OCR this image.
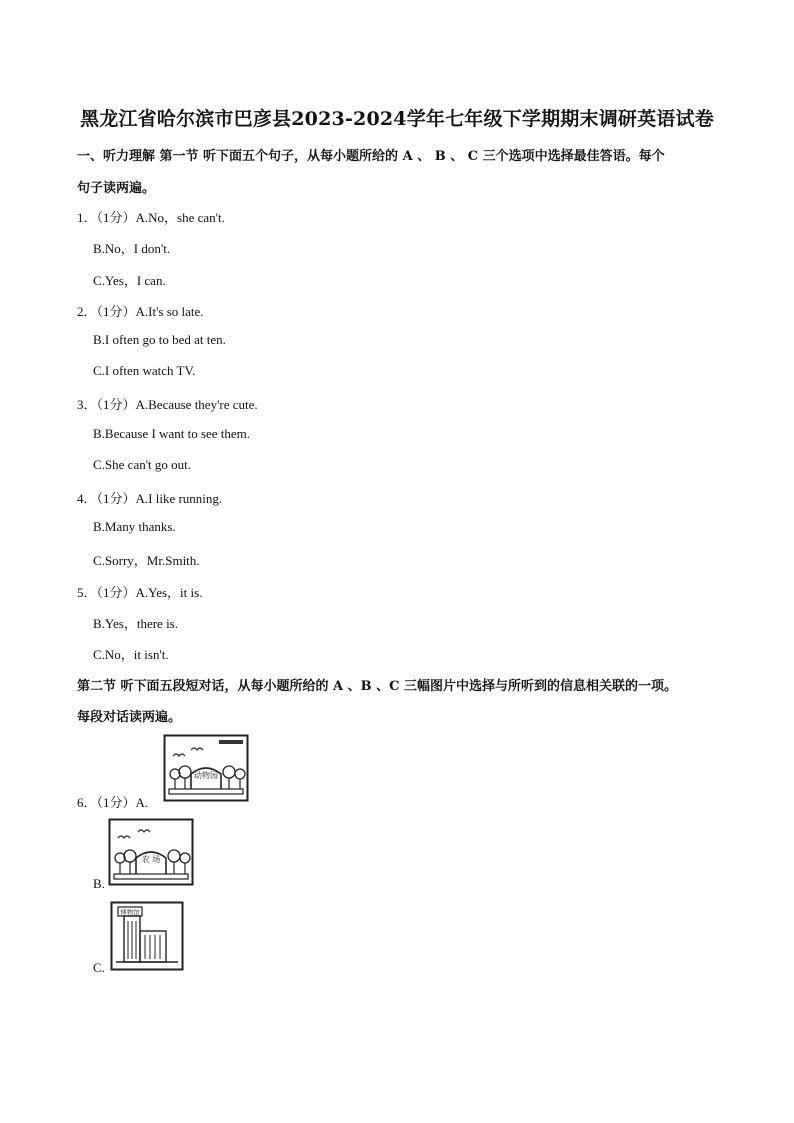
黑龙江省哈尔滨市巴彦县2023-2024学年七年级下学期期末调研英语试卷
一、听力理解 第一节 听下面五个句子，从每小题所给的 A 、 B 、 C 三个选项中选择最佳答语。每个
句子读两遍。
1．（1分）A.No，she can't.
B.No，I don't.
C.Yes，I can.
2．（1分）A.It's so late.
B.I often go to bed at ten.
C.I often watch TV.
3．（1分）A.Because they're cute.
B.Because I want to see them.
C.She can't go out.
4．（1分）A.I like running.
B.Many thanks.
C.Sorry，Mr.Smith.
5．（1分）A.Yes，it is.
B.Yes，there is.
C.No，it isn't.
第二节 听下面五段短对话，从每小题所给的 A 、B 、C 三幅图片中选择与所听到的信息相关联的一项。
每段对话读两遍。
6．（1分）A.
动物园
B.
农 场
C.
博物馆
